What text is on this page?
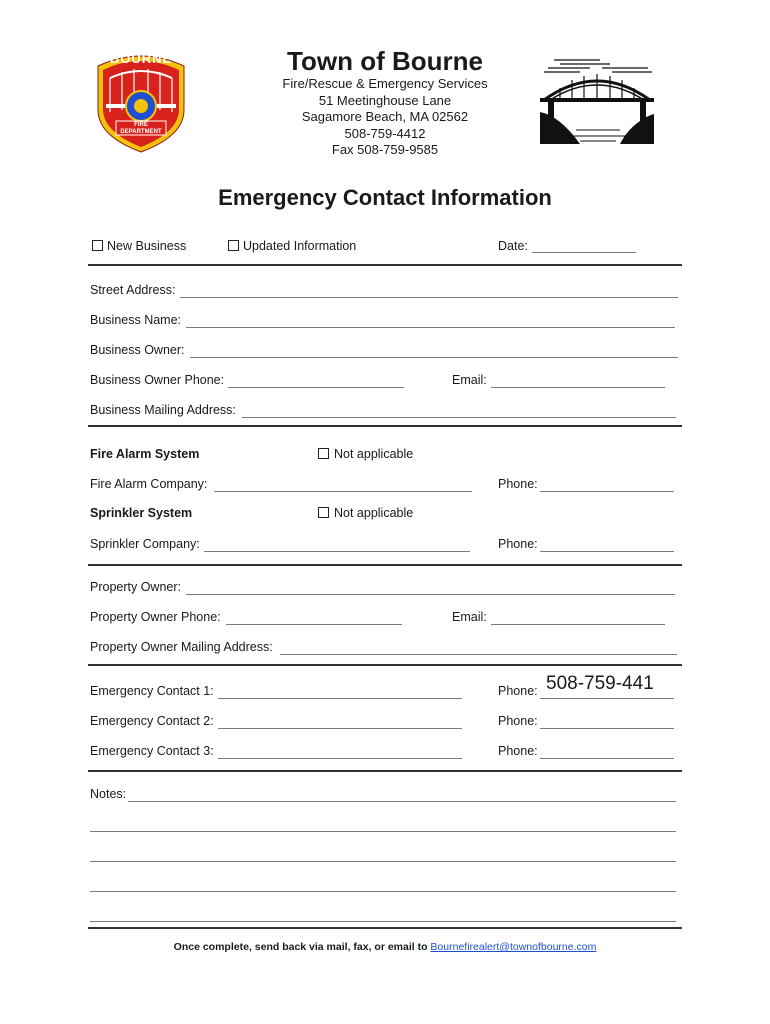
BOURNE
FIRE DEPARTMENT
Town of Bourne
Fire/Rescue & Emergency Services
51 Meetinghouse Lane
Sagamore Beach, MA 02562
508-759-4412
Fax 508-759-9585
Emergency Contact Information
New Business	Updated Information	Date:
Street Address:
Business Name:
Business Owner:
Business Owner Phone:	Email:
Business Mailing Address:
Fire Alarm System	Not applicable
Fire Alarm Company:	Phone:
Sprinkler System	Not applicable
Sprinkler Company:	Phone:
Property Owner:
Property Owner Phone:	Email:
Property Owner Mailing Address:
Emergency Contact 1:	Phone: 508-759-441
Emergency Contact 2:	Phone:
Emergency Contact 3:	Phone:
Notes:
Once complete, send back via mail, fax, or email to Bournefirealert@townofbourne.com
